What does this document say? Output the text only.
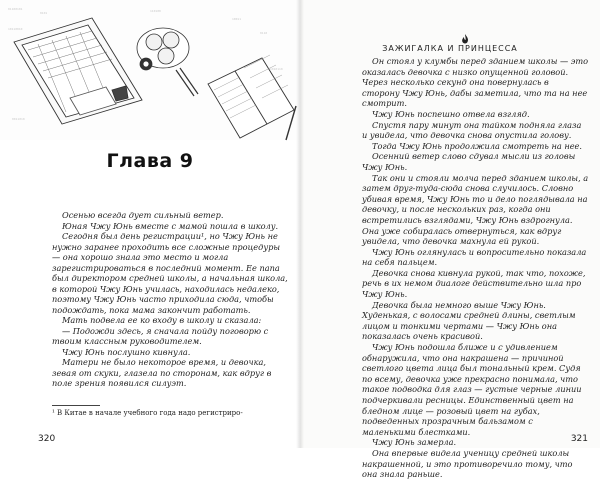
01100101
10110010
0101	110100
10011
0110
1010110
0011010
Глава 9

Осенью всегда дует сильный ветер.

Юная Чжу Юнь вместе с мамой пошла в школу.

Сегодня был день регистрации¹, но Чжу Юнь не нужно заранее проходить все сложные процедуры — она хорошо знала это место и могла зарегистрироваться в последний момент. Ее папа был директором средней школы, а начальная школа, в которой Чжу Юнь училась, находилась недалеко, поэтому Чжу Юнь часто приходила сюда, чтобы подождать, пока мама закончит работать.

Мать подвела ее ко входу в школу и сказала:

— Подожди здесь, я сначала пойду поговорю с твоим классным руководителем.

Чжу Юнь послушно кивнула.

Матери не было некоторое время, и девочка, зевая от скуки, глазела по сторонам, как вдруг в поле зрения появился силуэт.

¹ В Китае в начале учебного года надо регистриро-
320
ЗАЖИГАЛКА И ПРИНЦЕССА

Он стоял у клумбы перед зданием школы — это оказалась девочка с низко опущенной головой. Через несколько секунд она повернулась в сторону Чжу Юнь, дабы заметила, что та на нее смотрит.

Чжу Юнь поспешно отвела взгляд.

Спустя пару минут она тайком подняла глаза и увидела, что девочка снова опустила голову.

Тогда Чжу Юнь продолжила смотреть на нее.

Осенний ветер слово сдувал мысли из головы Чжу Юнь.

Так они и стояли молча перед зданием школы, а затем друг-туда-сюда снова случилось. Словно убивая время, Чжу Юнь то и дело поглядывала на девочку, и после нескольких раз, когда они встретились взглядами, Чжу Юнь вздрогнула. Она уже собиралась отвернуться, как вдруг увидела, что девочка махнула ей рукой.

Чжу Юнь оглянулась и вопросительно показала на себя пальцем.

Девочка снова кивнула рукой, так что, похоже, речь в их немом диалоге действительно шла про Чжу Юнь.

Девочка была немного выше Чжу Юнь. Худенькая, с волосами средней длины, светлым лицом и тонкими чертами — Чжу Юнь она показалась очень красивой.

Чжу Юнь подошла ближе и с удивлением обнаружила, что она накрашена — причиной светлого цвета лица был тональный крем. Судя по всему, девочка уже прекрасно понимала, что такое подводка для глаз — густые черные линии подчеркивали ресницы. Единственный цвет на бледном лице — розовый цвет на губах, подведенных прозрачным бальзамом с маленькими блестками.

Чжу Юнь замерла.

Она впервые видела ученицу средней школы накрашенной, и это противоречило тому, что она знала раньше.

321
